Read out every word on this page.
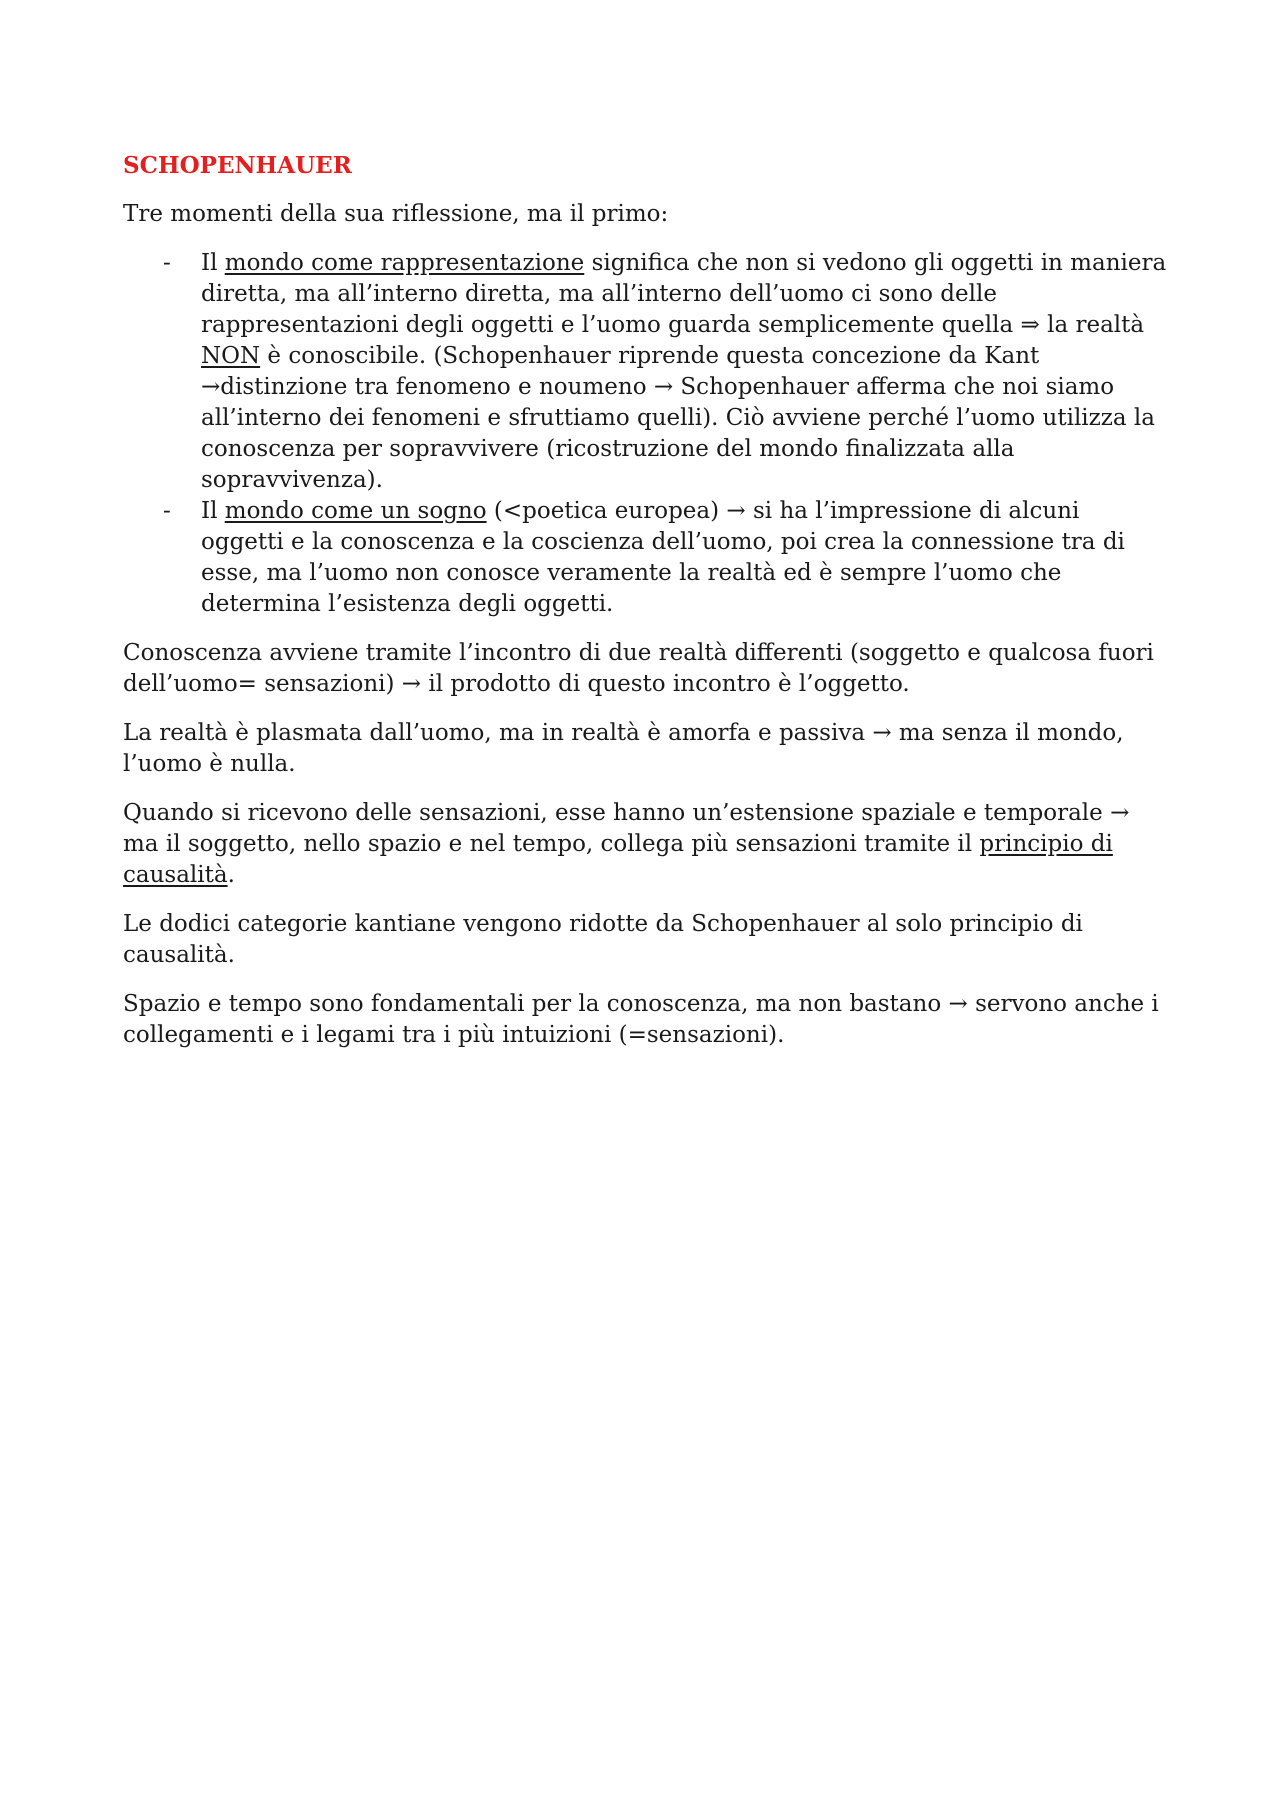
SCHOPENHAUER

Tre momenti della sua riflessione, ma il primo:

- Il mondo come rappresentazione significa che non si vedono gli oggetti in maniera diretta, ma all’interno diretta, ma all’interno dell’uomo ci sono delle rappresentazioni degli oggetti e l’uomo guarda semplicemente quella ⇒ la realtà NON è conoscibile. (Schopenhauer riprende questa concezione da Kant →distinzione tra fenomeno e noumeno → Schopenhauer afferma che noi siamo all’interno dei fenomeni e sfruttiamo quelli). Ciò avviene perché l’uomo utilizza la conoscenza per sopravvivere (ricostruzione del mondo finalizzata alla sopravvivenza).
- Il mondo come un sogno (<poetica europea) → si ha l’impressione di alcuni oggetti e la conoscenza e la coscienza dell’uomo, poi crea la connessione tra di esse, ma l’uomo non conosce veramente la realtà ed è sempre l’uomo che determina l’esistenza degli oggetti.

Conoscenza avviene tramite l’incontro di due realtà differenti (soggetto e qualcosa fuori dell’uomo= sensazioni) → il prodotto di questo incontro è l’oggetto.

La realtà è plasmata dall’uomo, ma in realtà è amorfa e passiva → ma senza il mondo, l’uomo è nulla.

Quando si ricevono delle sensazioni, esse hanno un’estensione spaziale e temporale → ma il soggetto, nello spazio e nel tempo, collega più sensazioni tramite il principio di causalità.

Le dodici categorie kantiane vengono ridotte da Schopenhauer al solo principio di causalità.

Spazio e tempo sono fondamentali per la conoscenza, ma non bastano → servono anche i collegamenti e i legami tra i più intuizioni (=sensazioni).
